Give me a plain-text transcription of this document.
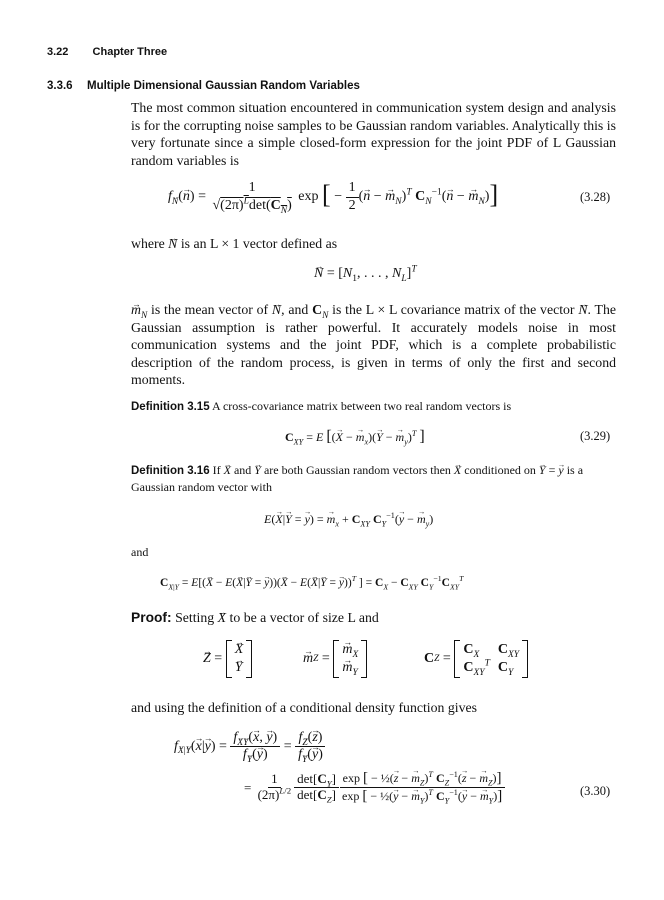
3.22 Chapter Three
3.3.6 Multiple Dimensional Gaussian Random Variables
The most common situation encountered in communication system design and analysis is for the corrupting noise samples to be Gaussian random variables. Analytically this is very fortunate since a simple closed-form expression for the joint PDF of L Gaussian random variables is
$f_N(\to n) = \frac{1}{√(2\pi)^L\det(C_N)}$ exp [ − $\frac{1}{2}$ (→ n − → $m_N)^T$ $C_N^{-1}(\to n$ − → $m_N$)]	(3.28)
where → N is an L × 1 vector defined as
→ $N = [N_1$, . . . , $N_L]^T$
→ $m_N$ is the mean vector of → N, and $C_N$ is the L × L covariance matrix of the vector → N. The Gaussian assumption is rather powerful. It accurately models noise in most communication systems and the joint PDF, which is a complete probabilistic description of the random process, is given in terms of only the first and second moments.
Definition 3.15 A cross-covariance matrix between two real random vectors is
$C_{XY} = E$ [(→ X − → $m_x)(\to Y$ − → $m_y)^T$ ]	(3.29)
Definition 3.16 If → X and → Y are both Gaussian random vectors then → X conditioned on → Y = → y is a Gaussian random vector with
E(→ X|→ Y = → y) = → $m_x + C_{XY}$ $C_Y^{-1}(\to y$ − → $m_y$)
and
$C_{X|Y} = E[(\to X - E(\to X|\to Y$ = → y))(→ X − E(→ X|→ Y = → y))$^T$ ] = $C_X - C_{XY}$ $C_Y^{-1}C_{XY}^T$
Proof: Setting → X to be a vector of size L and
→ Z =
→ X
→ Y
→ m Z =
→ $m_X$
→ $m_Y$
C Z =
$C_X$	$C_{XY}$
$C_{XY}^T$ $C_Y$
and using the definition of a conditional density function gives
$f_{X|Y}(\to x|\to y) = \frac{f_{XY}(\to x, \to y)}{f_Y(\to y)} = \frac{f_Z(\to z)}{f_Y(\to y)}$
= $\frac{1}{(2\pi)^{L/2}} \frac{\det[C_Y]}{\det[C_Z]} \frac{\exp [ - \frac{1}{2}(\to z - \to m_Z)^T C_Z^{-1}(\to z - \to m_Z)]}{\exp [ - \frac{1}{2}(\to y - \to m_Y)^T C_Y^{-1}(\to y - \to m_Y)]}$	(3.30)
